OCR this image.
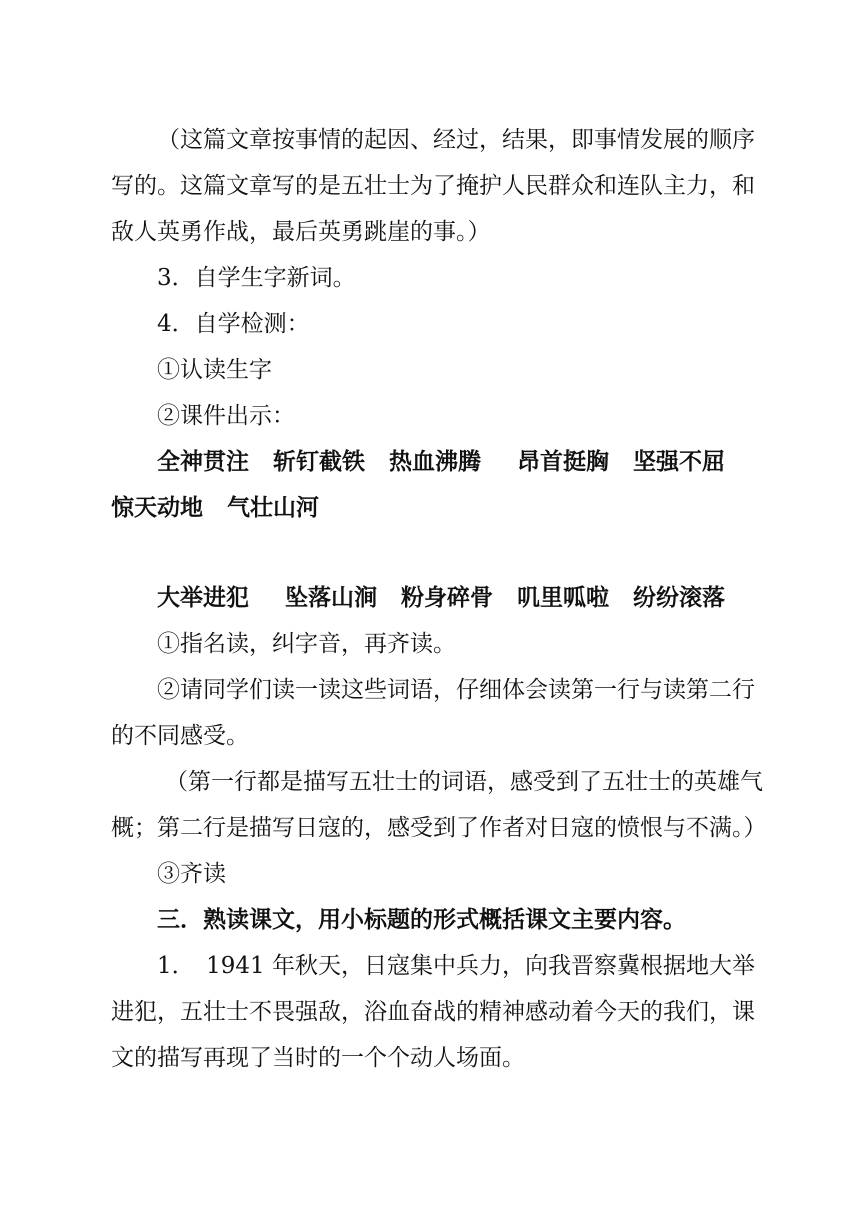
（这篇文章按事情的起因、经过，结果，即事情发展的顺序
写的。这篇文章写的是五壮士为了掩护人民群众和连队主力，和
敌人英勇作战，最后英勇跳崖的事。）
3．自学生字新词。
4．自学检测：
①认读生字
②课件出示：
全神贯注 斩钉截铁 热血沸腾 昂首挺胸 坚强不屈
惊天动地 气壮山河
大举进犯 坠落山涧 粉身碎骨 叽里呱啦 纷纷滚落
①指名读，纠字音，再齐读。
②请同学们读一读这些词语，仔细体会读第一行与读第二行
的不同感受。
（第一行都是描写五壮士的词语，感受到了五壮士的英雄气
概；第二行是描写日寇的，感受到了作者对日寇的愤恨与不满。）
③齐读
三．熟读课文，用小标题的形式概括课文主要内容。
1．　1941 年秋天，日寇集中兵力，向我晋察冀根据地大举
进犯，五壮士不畏强敌，浴血奋战的精神感动着今天的我们，课
文的描写再现了当时的一个个动人场面。
